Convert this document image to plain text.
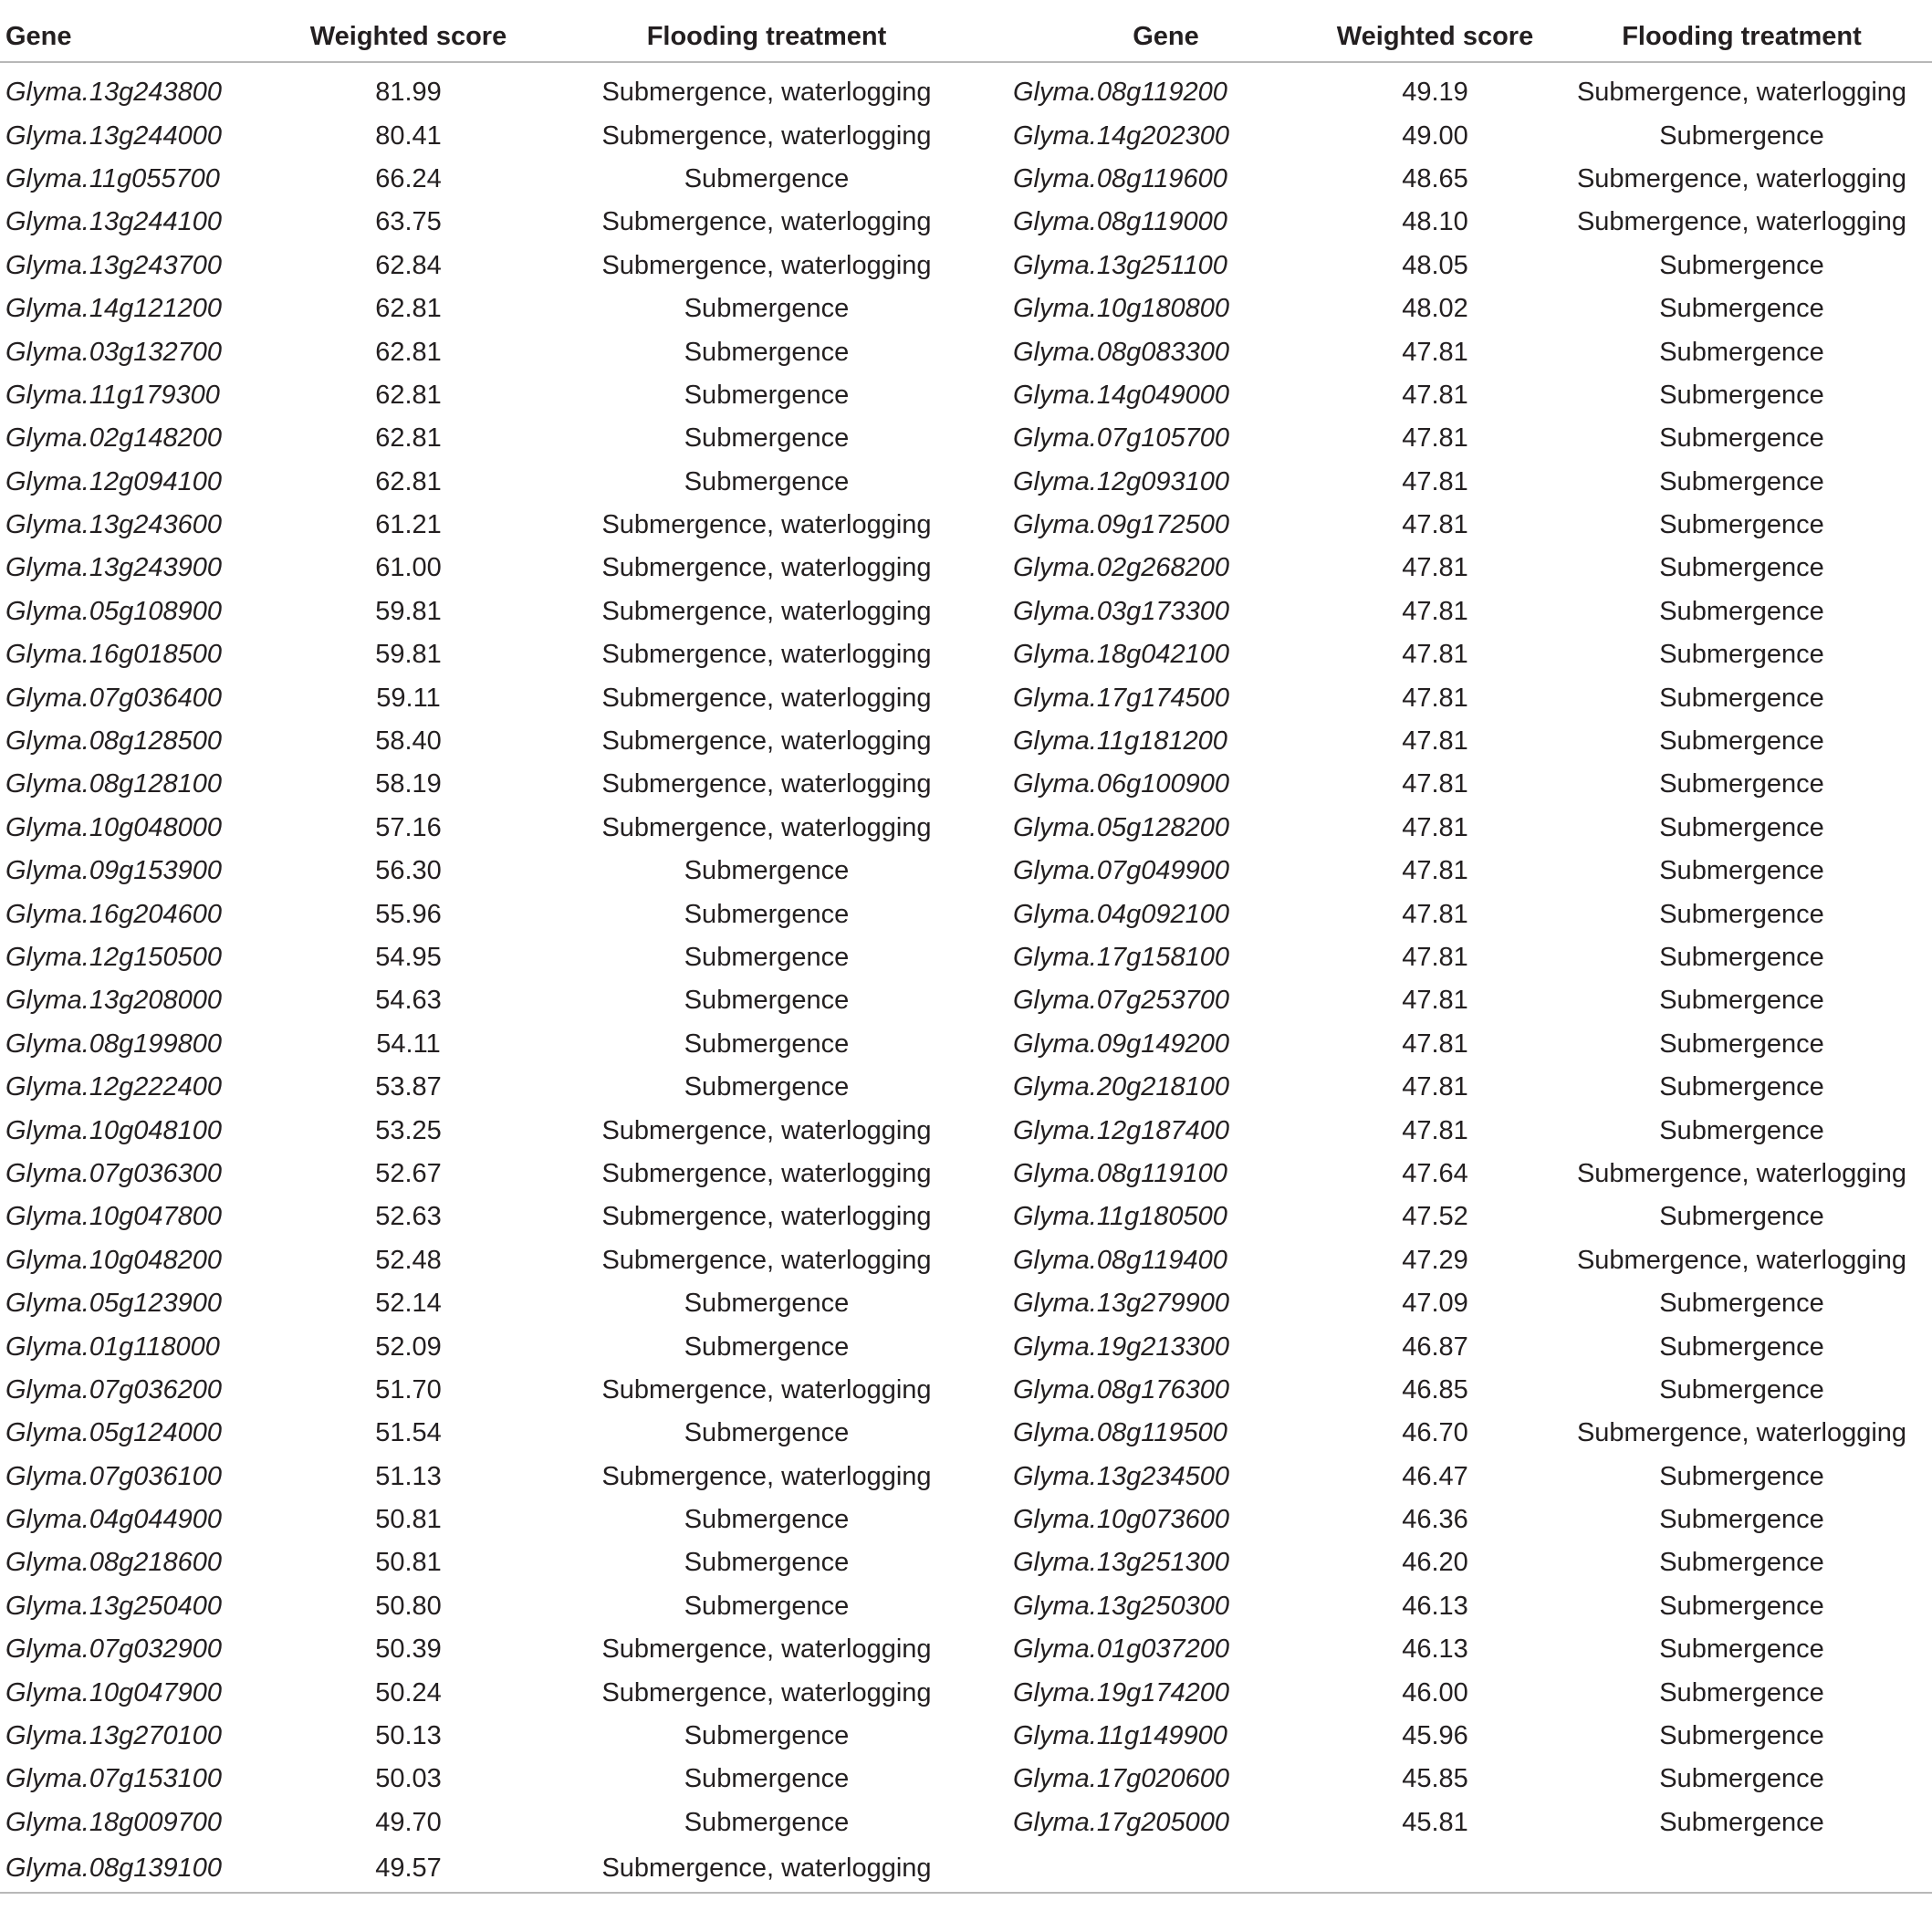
Gene	Weighted score	Flooding treatment	Gene	Weighted score	Flooding treatment
Glyma.13g243800	81.99	Submergence, waterlogging	Glyma.08g119200	49.19	Submergence, waterlogging
Glyma.13g244000	80.41	Submergence, waterlogging	Glyma.14g202300	49.00	Submergence
Glyma.11g055700	66.24	Submergence	Glyma.08g119600	48.65	Submergence, waterlogging
Glyma.13g244100	63.75	Submergence, waterlogging	Glyma.08g119000	48.10	Submergence, waterlogging
Glyma.13g243700	62.84	Submergence, waterlogging	Glyma.13g251100	48.05	Submergence
Glyma.14g121200	62.81	Submergence	Glyma.10g180800	48.02	Submergence
Glyma.03g132700	62.81	Submergence	Glyma.08g083300	47.81	Submergence
Glyma.11g179300	62.81	Submergence	Glyma.14g049000	47.81	Submergence
Glyma.02g148200	62.81	Submergence	Glyma.07g105700	47.81	Submergence
Glyma.12g094100	62.81	Submergence	Glyma.12g093100	47.81	Submergence
Glyma.13g243600	61.21	Submergence, waterlogging	Glyma.09g172500	47.81	Submergence
Glyma.13g243900	61.00	Submergence, waterlogging	Glyma.02g268200	47.81	Submergence
Glyma.05g108900	59.81	Submergence, waterlogging	Glyma.03g173300	47.81	Submergence
Glyma.16g018500	59.81	Submergence, waterlogging	Glyma.18g042100	47.81	Submergence
Glyma.07g036400	59.11	Submergence, waterlogging	Glyma.17g174500	47.81	Submergence
Glyma.08g128500	58.40	Submergence, waterlogging	Glyma.11g181200	47.81	Submergence
Glyma.08g128100	58.19	Submergence, waterlogging	Glyma.06g100900	47.81	Submergence
Glyma.10g048000	57.16	Submergence, waterlogging	Glyma.05g128200	47.81	Submergence
Glyma.09g153900	56.30	Submergence	Glyma.07g049900	47.81	Submergence
Glyma.16g204600	55.96	Submergence	Glyma.04g092100	47.81	Submergence
Glyma.12g150500	54.95	Submergence	Glyma.17g158100	47.81	Submergence
Glyma.13g208000	54.63	Submergence	Glyma.07g253700	47.81	Submergence
Glyma.08g199800	54.11	Submergence	Glyma.09g149200	47.81	Submergence
Glyma.12g222400	53.87	Submergence	Glyma.20g218100	47.81	Submergence
Glyma.10g048100	53.25	Submergence, waterlogging	Glyma.12g187400	47.81	Submergence
Glyma.07g036300	52.67	Submergence, waterlogging	Glyma.08g119100	47.64	Submergence, waterlogging
Glyma.10g047800	52.63	Submergence, waterlogging	Glyma.11g180500	47.52	Submergence
Glyma.10g048200	52.48	Submergence, waterlogging	Glyma.08g119400	47.29	Submergence, waterlogging
Glyma.05g123900	52.14	Submergence	Glyma.13g279900	47.09	Submergence
Glyma.01g118000	52.09	Submergence	Glyma.19g213300	46.87	Submergence
Glyma.07g036200	51.70	Submergence, waterlogging	Glyma.08g176300	46.85	Submergence
Glyma.05g124000	51.54	Submergence	Glyma.08g119500	46.70	Submergence, waterlogging
Glyma.07g036100	51.13	Submergence, waterlogging	Glyma.13g234500	46.47	Submergence
Glyma.04g044900	50.81	Submergence	Glyma.10g073600	46.36	Submergence
Glyma.08g218600	50.81	Submergence	Glyma.13g251300	46.20	Submergence
Glyma.13g250400	50.80	Submergence	Glyma.13g250300	46.13	Submergence
Glyma.07g032900	50.39	Submergence, waterlogging	Glyma.01g037200	46.13	Submergence
Glyma.10g047900	50.24	Submergence, waterlogging	Glyma.19g174200	46.00	Submergence
Glyma.13g270100	50.13	Submergence	Glyma.11g149900	45.96	Submergence
Glyma.07g153100	50.03	Submergence	Glyma.17g020600	45.85	Submergence
Glyma.18g009700	49.70	Submergence	Glyma.17g205000	45.81	Submergence
Glyma.08g139100	49.57	Submergence, waterlogging			
